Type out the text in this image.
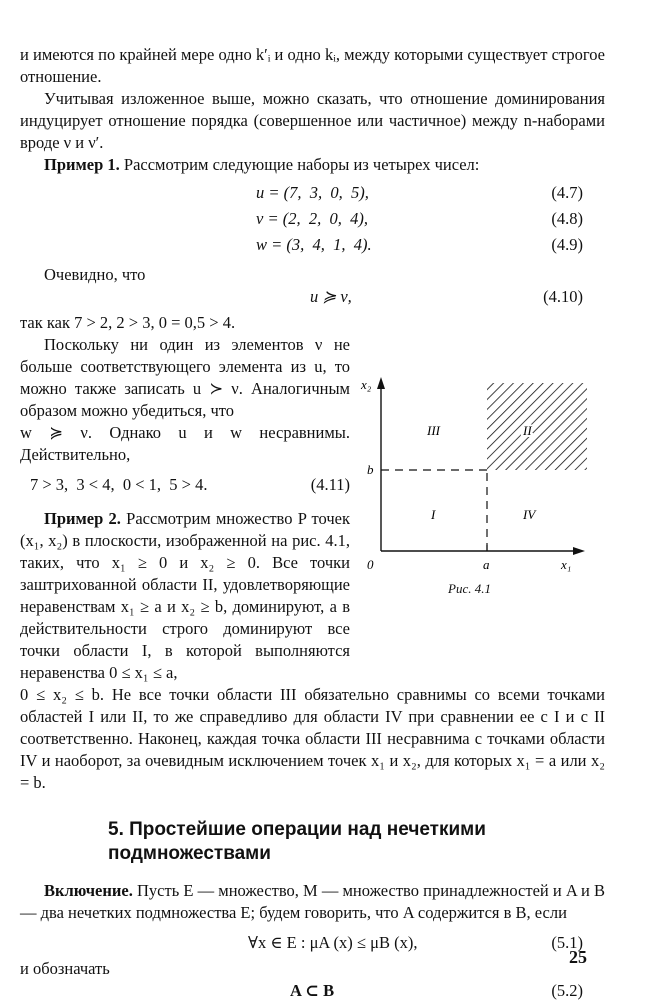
и имеются по крайней мере одно k′ᵢ и одно kᵢ, между которыми существует строгое отношение.

Учитывая изложенное выше, можно сказать, что отношение доминирования индуцирует отношение порядка (совершенное или частичное) между n-наборами вроде ν и ν′.

Пример 1. Рассмотрим следующие наборы из четырех чисел:

u = (7,  3,  0,  5),	(4.7)
ν = (2,  2,  0,  4),	(4.8)
w = (3,  4,  1,  4).	(4.9)

Очевидно, что

u ≽ ν,	(4.10)

так как 7 > 2, 2 > 3, 0 = 0,5 > 4.

Поскольку ни один из элементов ν не больше соответствующего элемента из u, то можно также записать u ≻ ν. Аналогичным образом можно убедиться, что

w ≽ ν. Однако u и w несравнимы. Действительно,

7 > 3,  3 < 4,  0 < 1,  5 > 4.	(4.11)

Пример 2. Рассмотрим множество P точек (x₁, x₂) в плоскости, изображенной на рис. 4.1, таких, что x₁ ≥ 0 и x₂ ≥ 0. Все точки заштрихованной области II, удовлетворяющие неравенствам x₁ ≥ a и x₂ ≥ b, доминируют, а в действительности строго доминируют все точки области I, в которой выполняются неравенства 0 ≤ x₁ ≤ a,

0 ≤ x₂ ≤ b. Не все точки области III обязательно сравнимы со всеми точками областей I или II, то же справедливо для области IV при сравнении ее с I и с II соответственно. Наконец, каждая точка области III несравнима с точками области IV и наоборот, за очевидным исключением точек x₁ и x₂, для которых x₁ = a или x₂ = b.

5. Простейшие операции над нечеткими
подмножествами

Включение. Пусть E — множество, M — множество принадлежностей и A и B — два нечетких подмножества E; будем говорить, что A содержится в B, если

∀x ∈ E : μA (x) ≤ μB (x),	(5.1)

и обозначать

A ⊂ B	(5.2)
x₂
x₁
0	a
b
III	II
I	IV
Рис. 4.1
25
